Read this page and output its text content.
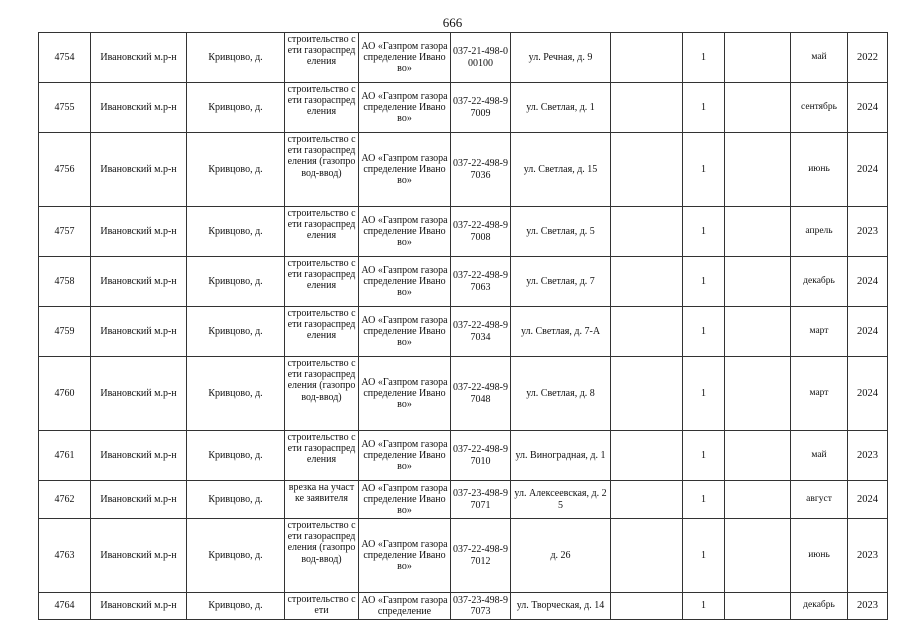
666
4754	Ивановский м.р-н	Кривцово, д.	строительство сети газораспределения	АО «Газпром газораспределение Иваново»	037-21-498-000100	ул. Речная, д. 9		1		май	2022
4755	Ивановский м.р-н	Кривцово, д.	строительство сети газораспределения	АО «Газпром газораспределение Иваново»	037-22-498-97009	ул. Светлая, д. 1		1		сентябрь	2024
4756	Ивановский м.р-н	Кривцово, д.	строительство сети газораспределения (газопровод-ввод)	АО «Газпром газораспределение Иваново»	037-22-498-97036	ул. Светлая, д. 15		1		июнь	2024
4757	Ивановский м.р-н	Кривцово, д.	строительство сети газораспределения	АО «Газпром газораспределение Иваново»	037-22-498-97008	ул. Светлая, д. 5		1		апрель	2023
4758	Ивановский м.р-н	Кривцово, д.	строительство сети газораспределения	АО «Газпром газораспределение Иваново»	037-22-498-97063	ул. Светлая, д. 7		1		декабрь	2024
4759	Ивановский м.р-н	Кривцово, д.	строительство сети газораспределения	АО «Газпром газораспределение Иваново»	037-22-498-97034	ул. Светлая, д. 7-А		1		март	2024
4760	Ивановский м.р-н	Кривцово, д.	строительство сети газораспределения (газопровод-ввод)	АО «Газпром газораспределение Иваново»	037-22-498-97048	ул. Светлая, д. 8		1		март	2024
4761	Ивановский м.р-н	Кривцово, д.	строительство сети газораспределения	АО «Газпром газораспределение Иваново»	037-22-498-97010	ул. Виноградная, д. 1		1		май	2023
4762	Ивановский м.р-н	Кривцово, д.	врезка на участке заявителя	АО «Газпром газораспределение Иваново»	037-23-498-97071	ул. Алексеевская, д. 25		1		август	2024
4763	Ивановский м.р-н	Кривцово, д.	строительство сети газораспределения (газопровод-ввод)	АО «Газпром газораспределение Иваново»	037-22-498-97012	д. 26		1		июнь	2023
4764	Ивановский м.р-н	Кривцово, д.	строительство сети	АО «Газпром газораспределение	037-23-498-97073	ул. Творческая, д. 14		1		декабрь	2023
